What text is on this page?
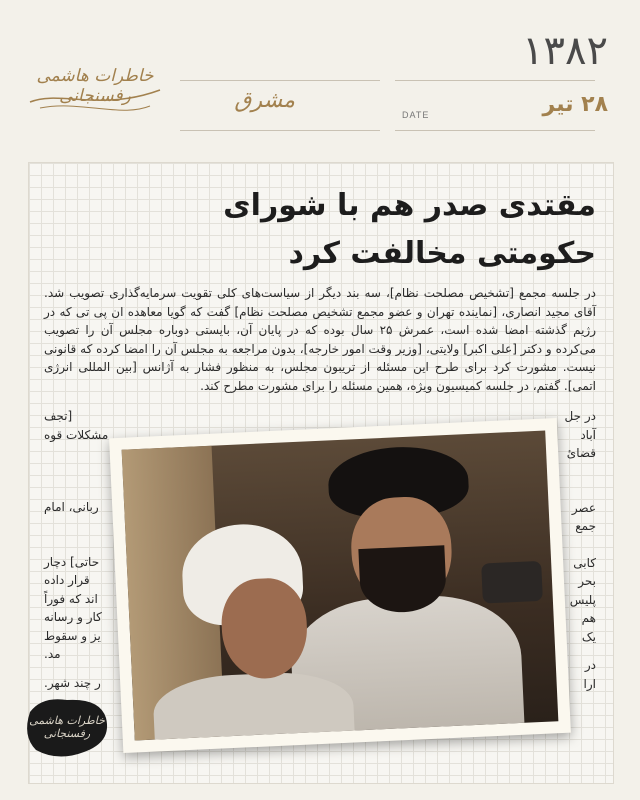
خاطرات هاشمی رفسنجانی	مشرق
DATE
۱۳۸۲
۲۸ تیر
مقتدی صدر هم با شورای حکومتی مخالفت کرد

در جلسه مجمع [تشخیص مصلحت نظام]، سه بند دیگر از سیاست‌های کلی تقویت سرمایه‌گذاری تصویب شد. آقای مجید انصاری، [نماینده تهران و عضو مجمع تشخیص مصلحت نظام] گفت که گویا معاهده ان پی تی که در رژیم گذشته امضا شده است، عمرش ۲۵ سال بوده که در پایان آن، بایستی دوباره مجلس آن را تصویب می‌کرده و دکتر [علی اکبر] ولایتی، [وزیر وقت امور خارجه]، بدون مراجعه به مجلس آن را امضا کرده که قانونی نیست. مشورت کرد برای طرح این مسئله از تریبون مجلس، به منظور فشار به آژانس [بین المللی انرژی اتمی]. گفتم، در جلسه کمیسیون ویژه، همین مسئله را برای مشورت مطرح کند.

در جل
آباد
قضائ
عصر
جمع
کابی
بحر
پلیس
هم
یک
در
ارا
[تجف
مشکلات قوه
ربانی، امام
حاتی] دچار
قرار داده
اند که فوراً
کار و رسانه
یز و سقوط
مد.
ر چند شهر.
خاطرات هاشمی رفسنجانی
